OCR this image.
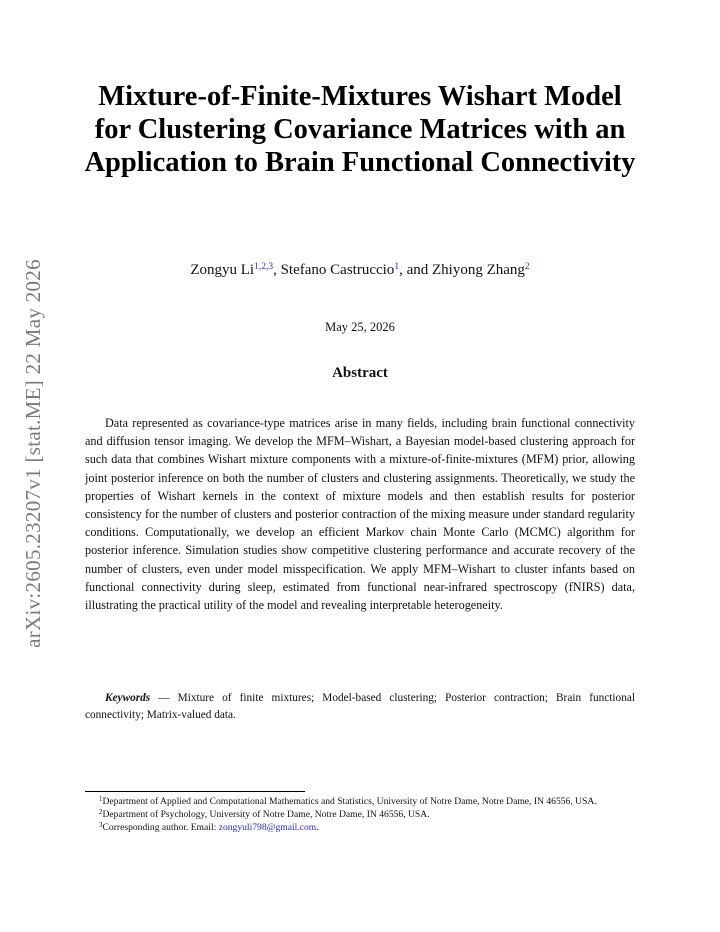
arXiv:2605.23207v1 [stat.ME] 22 May 2026
Mixture-of-Finite-Mixtures Wishart Model for Clustering Covariance Matrices with an Application to Brain Functional Connectivity
Zongyu Li$^{1,2,3}$, Stefano Castruccio$^1$, and Zhiyong Zhang$^2$
May 25, 2026
Abstract

Data represented as covariance-type matrices arise in many fields, including brain functional connectivity and diffusion tensor imaging. We develop the MFM–Wishart, a Bayesian model-based clustering approach for such data that combines Wishart mixture components with a mixture-of-finite-mixtures (MFM) prior, allowing joint posterior inference on both the number of clusters and clustering assignments. Theoretically, we study the properties of Wishart kernels in the context of mixture models and then establish results for posterior consistency for the number of clusters and posterior contraction of the mixing measure under standard regularity conditions. Computationally, we develop an efficient Markov chain Monte Carlo (MCMC) algorithm for posterior inference. Simulation studies show competitive clustering performance and accurate recovery of the number of clusters, even under model misspecification. We apply MFM–Wishart to cluster infants based on functional connectivity during sleep, estimated from functional near-infrared spectroscopy (fNIRS) data, illustrating the practical utility of the model and revealing interpretable heterogeneity.

Keywords — Mixture of finite mixtures; Model-based clustering; Posterior contraction; Brain functional connectivity; Matrix-valued data.

$^1$Department of Applied and Computational Mathematics and Statistics, University of Notre Dame, Notre Dame, IN 46556, USA.

$^2$Department of Psychology, University of Notre Dame, Notre Dame, IN 46556, USA.

$^3$Corresponding author. Email: zongyuli798@gmail.com.
